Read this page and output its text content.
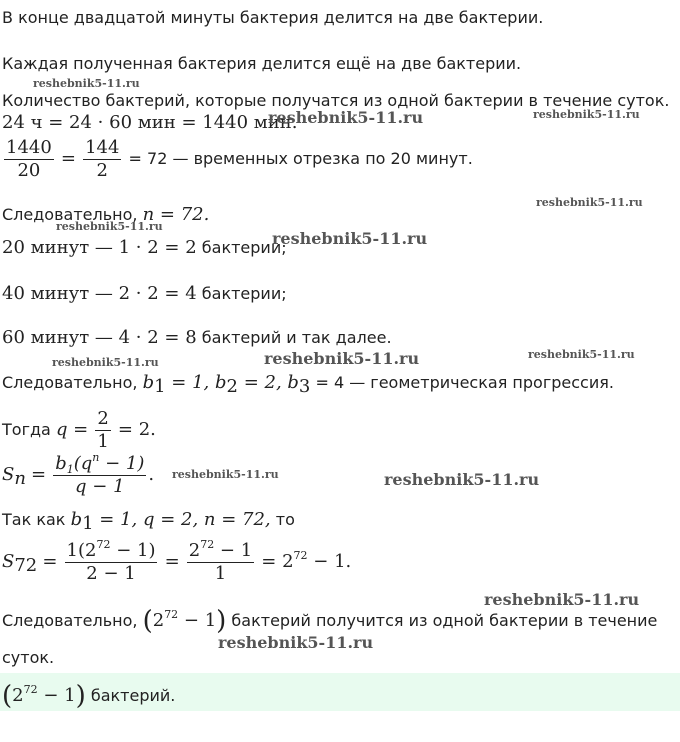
В конце двадцатой минуты бактерия делится на две бактерии.
Каждая полученная бактерия делится ещё на две бактерии.
Количество бактерий, которые получатся из одной бактерии в течение суток.
24 ч = 24 · 60 мин = 1440 мин.
$\frac{1440}{20} = \frac{144}{2} = 72$ — временных отрезка по 20 минут.
Следовательно, n = 72.
20 минут — 1 · 2 = 2 бактерии;
40 минут — 2 · 2 = 4 бактерии;
60 минут — 4 · 2 = 8 бактерий и так далее.
Следовательно, $b_1 = 1$, $b_2 = 2$, $b_3 = 4$ — геометрическая прогрессия.
Тогда $q = \frac{2}{1} = 2$.
$S_n = \frac{b_1(q^n - 1)}{q - 1}$ .
Так как $b_1 = 1$, q = 2, n = 72, то
$S_{72} = \frac{1(2^{72} - 1)}{2 - 1} = \frac{2^{72} - 1}{1} = 2^{72} - 1$.
Следовательно, $(2^{72} - 1)$ бактерий получится из одной бактерии в течение
суток.
$(2^{72} - 1)$ бактерий.
reshebnik5-11.ru
reshebnik5-11.ru	reshebnik5-11.ru
reshebnik5-11.ru
reshebnik5-11.ru
reshebnik5-11.ru
reshebnik5-11.ru	reshebnik5-11.ru	reshebnik5-11.ru
reshebnik5-11.ru	reshebnik5-11.ru
reshebnik5-11.ru
reshebnik5-11.ru
